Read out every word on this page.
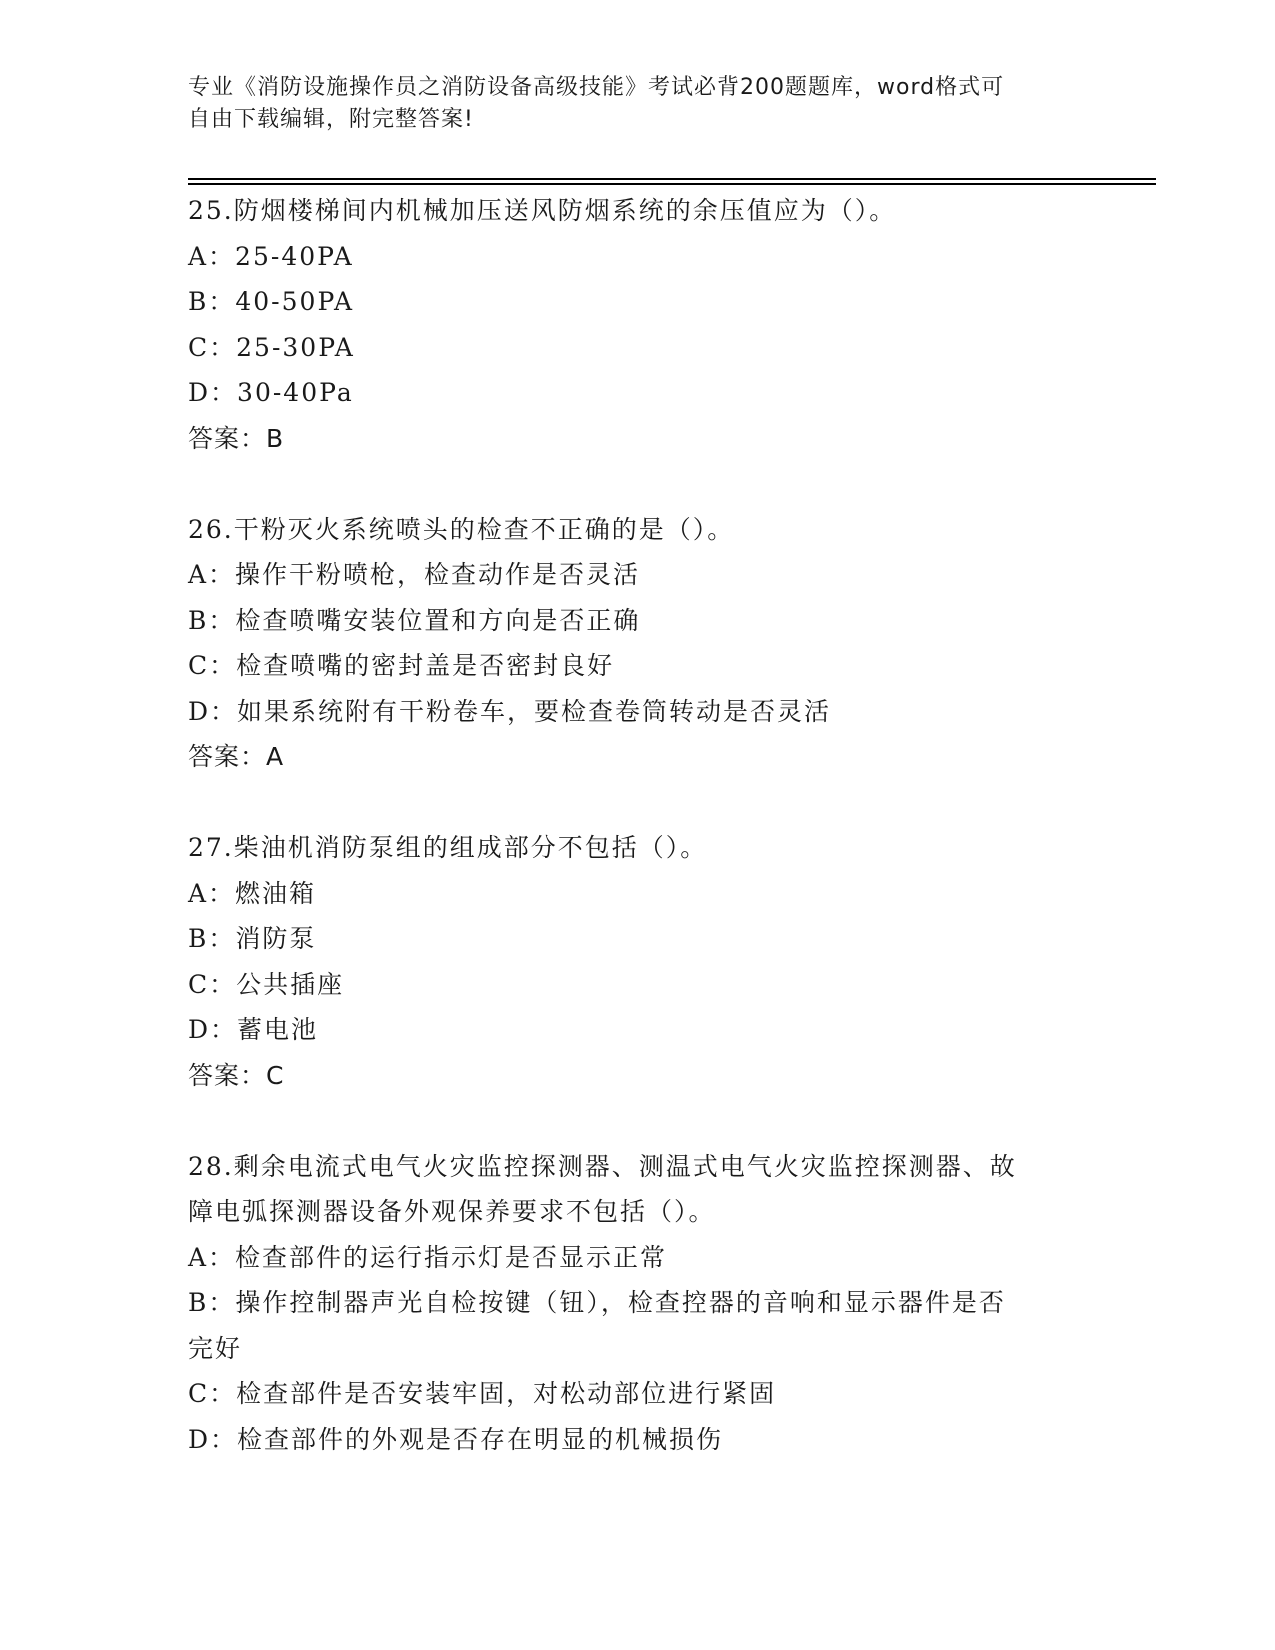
专业《消防设施操作员之消防设备高级技能》考试必背200题题库，word格式可
自由下载编辑，附完整答案!
25.防烟楼梯间内机械加压送风防烟系统的余压值应为（）。
A：25-40PA
B：40-50PA
C：25-30PA
D：30-40Pa
答案：B
26.干粉灭火系统喷头的检查不正确的是（）。
A：操作干粉喷枪，检查动作是否灵活
B：检查喷嘴安装位置和方向是否正确
C：检查喷嘴的密封盖是否密封良好
D：如果系统附有干粉卷车，要检查卷筒转动是否灵活
答案：A
27.柴油机消防泵组的组成部分不包括（）。
A：燃油箱
B：消防泵
C：公共插座
D：蓄电池
答案：C
28.剩余电流式电气火灾监控探测器、测温式电气火灾监控探测器、故
障电弧探测器设备外观保养要求不包括（）。
A：检查部件的运行指示灯是否显示正常
B：操作控制器声光自检按键（钮），检查控器的音响和显示器件是否
完好
C：检查部件是否安装牢固，对松动部位进行紧固
D：检查部件的外观是否存在明显的机械损伤
